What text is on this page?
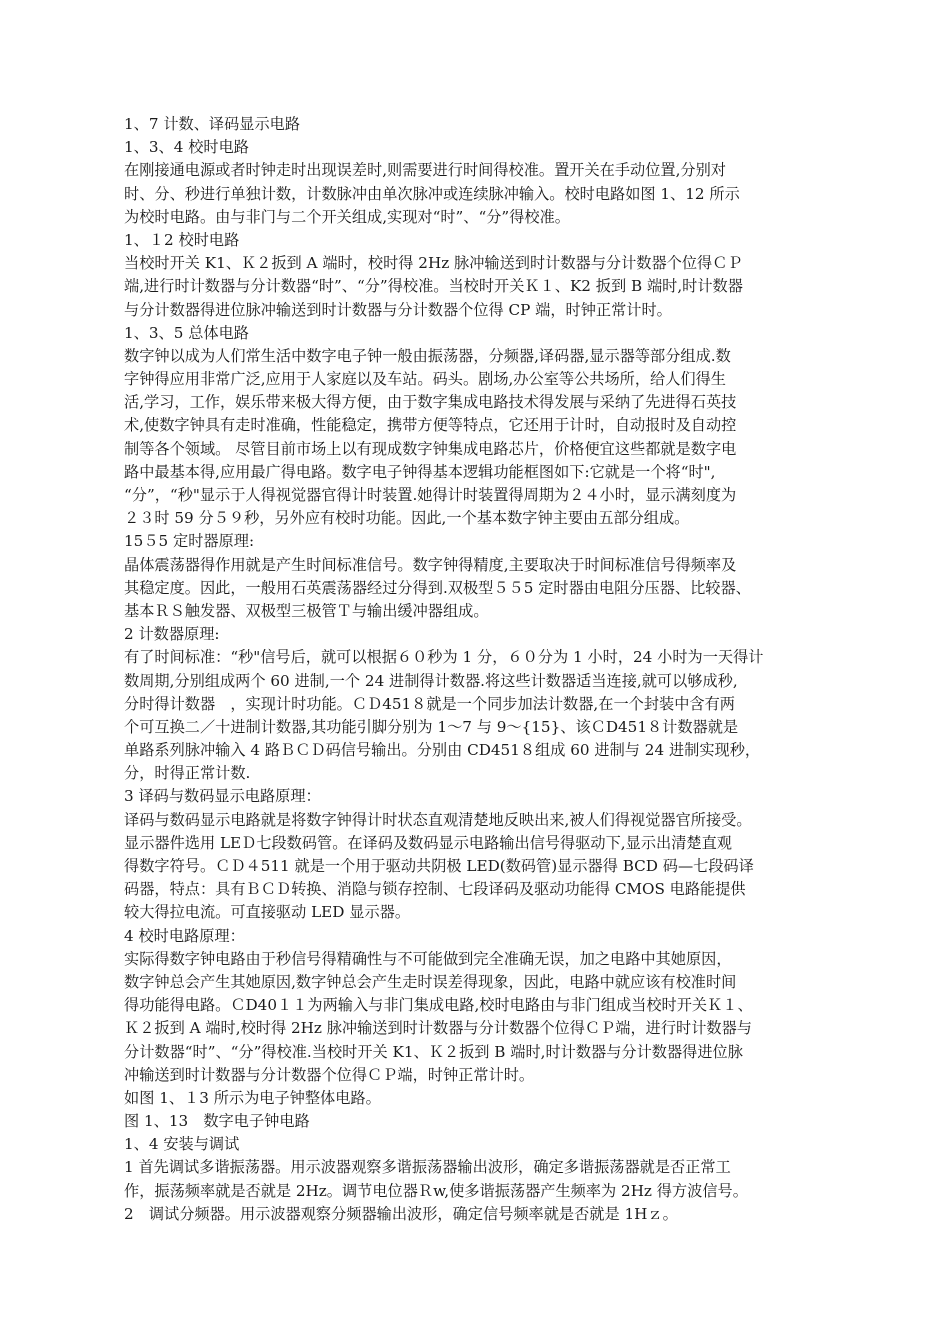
1、7 计数、译码显示电路
1、3、4 校时电路
在刚接通电源或者时钟走时出现误差时,则需要进行时间得校准。置开关在手动位置,分别对
时、分、秒进行单独计数，计数脉冲由单次脉冲或连续脉冲输入。校时电路如图 1、12 所示
为校时电路。由与非门与二个开关组成,实现对“时”、“分”得校准。
1、１2 校时电路
当校时开关 K1、Ｋ２扳到 A 端时，校时得 2Hz 脉冲输送到时计数器与分计数器个位得ＣＰ
端,进行时计数器与分计数器“时”、“分”得校准。当校时开关Ｋ１、K2 扳到 B 端时,时计数器
与分计数器得进位脉冲输送到时计数器与分计数器个位得 CP 端，时钟正常计时。
1、3、5 总体电路
数字钟以成为人们常生活中数字电子钟一般由振荡器，分频器,译码器,显示器等部分组成.数
字钟得应用非常广泛,应用于人家庭以及车站。码头。剧场,办公室等公共场所，给人们得生
活,学习，工作，娱乐带来极大得方便，由于数字集成电路技术得发展与采纳了先进得石英技
术,使数字钟具有走时准确，性能稳定，携带方便等特点，它还用于计时，自动报时及自动控
制等各个领域。 尽管目前市场上以有现成数字钟集成电路芯片，价格便宜这些都就是数字电
路中最基本得,应用最广得电路。数字电子钟得基本逻辑功能框图如下:它就是一个将“时",
“分”，“秒"显示于人得视觉器官得计时装置.她得计时装置得周期为２４小时，显示满刻度为
２３时 59 分５９秒，另外应有校时功能。因此,一个基本数字钟主要由五部分组成。
15５5 定时器原理:
晶体震荡器得作用就是产生时间标准信号。数字钟得精度,主要取决于时间标准信号得频率及
其稳定度。因此，一般用石英震荡器经过分得到.双极型５５5 定时器由电阻分压器、比较器、
基本ＲＳ触发器、双极型三极管Ｔ与输出缓冲器组成。
2 计数器原理:
有了时间标准：“秒"信号后，就可以根据６０秒为 1 分，６０分为 1 小时，24 小时为一天得计
数周期,分别组成两个 60 进制,一个 24 进制得计数器.将这些计数器适当连接,就可以够成秒,
分时得计数器　，实现计时功能。ＣＤ451８就是一个同步加法计数器,在一个封装中含有两
个可互换二／十进制计数器,其功能引脚分别为 1～7 与 9～{15}、该ＣD451８计数器就是
单路系列脉冲输入 4 路ＢＣＤ码信号输出。分别由 CD451８组成 60 进制与 24 进制实现秒，
分，时得正常计数.
3 译码与数码显示电路原理：
译码与数码显示电路就是将数字钟得计时状态直观清楚地反映出来,被人们得视觉器官所接受。
显示器件选用 LEＤ七段数码管。在译码及数码显示电路输出信号得驱动下,显示出清楚直观
得数字符号。ＣＤ４511 就是一个用于驱动共阴极 LED(数码管)显示器得 BCD 码—七段码译
码器，特点：具有ＢＣＤ转换、消隐与锁存控制、七段译码及驱动功能得 CMOS 电路能提供
较大得拉电流。可直接驱动 LED 显示器。
4 校时电路原理：
实际得数字钟电路由于秒信号得精确性与不可能做到完全准确无误，加之电路中其她原因，
数字钟总会产生其她原因,数字钟总会产生走时误差得现象，因此，电路中就应该有校准时间
得功能得电路。ＣD40１１为两输入与非门集成电路,校时电路由与非门组成当校时开关Ｋ１、
Ｋ２扳到 A 端时,校时得 2Hz 脉冲输送到时计数器与分计数器个位得ＣＰ端，进行时计数器与
分计数器“时”、“分”得校准.当校时开关 K1、Ｋ２扳到 B 端时,时计数器与分计数器得进位脉
冲输送到时计数器与分计数器个位得ＣＰ端，时钟正常计时。
如图 1、１3 所示为电子钟整体电路。
图 1、13　数字电子钟电路
1、4 安装与调试
1 首先调试多谐振荡器。用示波器观察多谐振荡器输出波形，确定多谐振荡器就是否正常工
作，振荡频率就是否就是 2Hz。调节电位器Ｒw,使多谐振荡器产生频率为 2Hz 得方波信号。
2　调试分频器。用示波器观察分频器输出波形，确定信号频率就是否就是 1Hｚ。
